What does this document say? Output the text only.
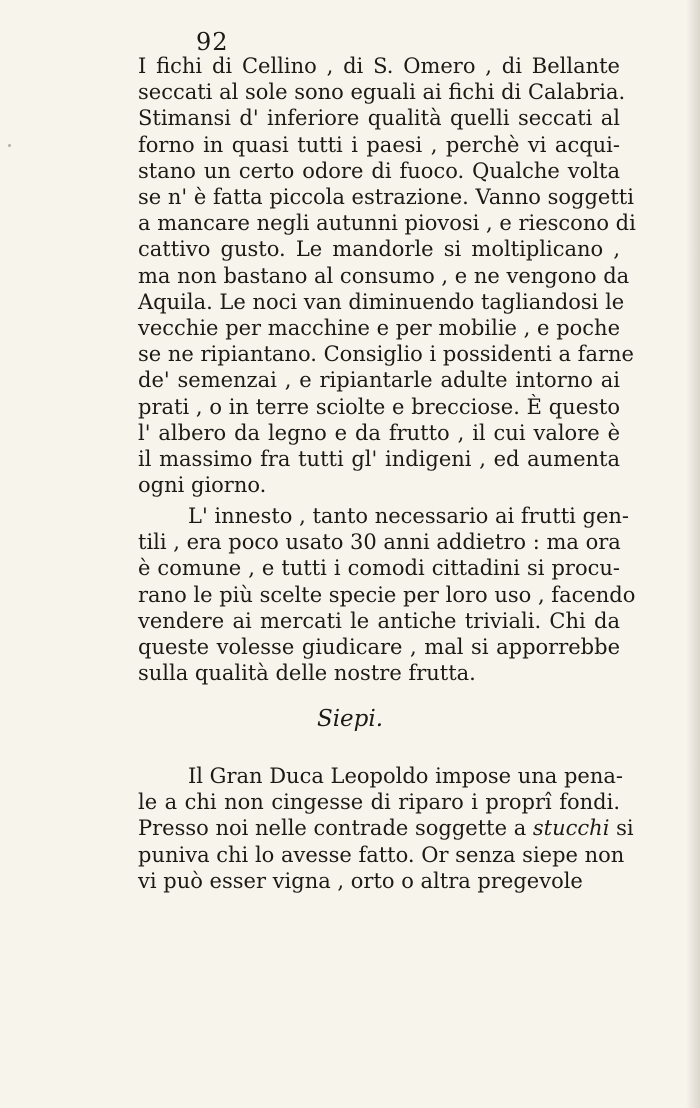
92
I fichi di Cellino , di S. Omero , di Bellante
seccati al sole sono eguali ai fichi di Calabria.
Stimansi d' inferiore qualità quelli seccati al
forno in quasi tutti i paesi , perchè vi acqui-
stano un certo odore di fuoco. Qualche volta
se n' è fatta piccola estrazione. Vanno soggetti
a mancare negli autunni piovosi , e riescono di
cattivo gusto. Le mandorle si moltiplicano ,
ma non bastano al consumo , e ne vengono da
Aquila. Le noci van diminuendo tagliandosi le
vecchie per macchine e per mobilie , e poche
se ne ripiantano. Consiglio i possidenti a farne
de' semenzai , e ripiantarle adulte intorno ai
prati , o in terre sciolte e brecciose. È questo
l' albero da legno e da frutto , il cui valore è
il massimo fra tutti gl' indigeni , ed aumenta
ogni giorno.
L' innesto , tanto necessario ai frutti gen-
tili , era poco usato 30 anni addietro : ma ora
è comune , e tutti i comodi cittadini si procu-
rano le più scelte specie per loro uso , facendo
vendere ai mercati le antiche triviali. Chi da
queste volesse giudicare , mal si apporrebbe
sulla qualità delle nostre frutta.
Siepi.
Il Gran Duca Leopoldo impose una pena-
le a chi non cingesse di riparo i proprî fondi.
Presso noi nelle contrade soggette a stucchi si
puniva chi lo avesse fatto. Or senza siepe non
vi può esser vigna , orto o altra pregevole
